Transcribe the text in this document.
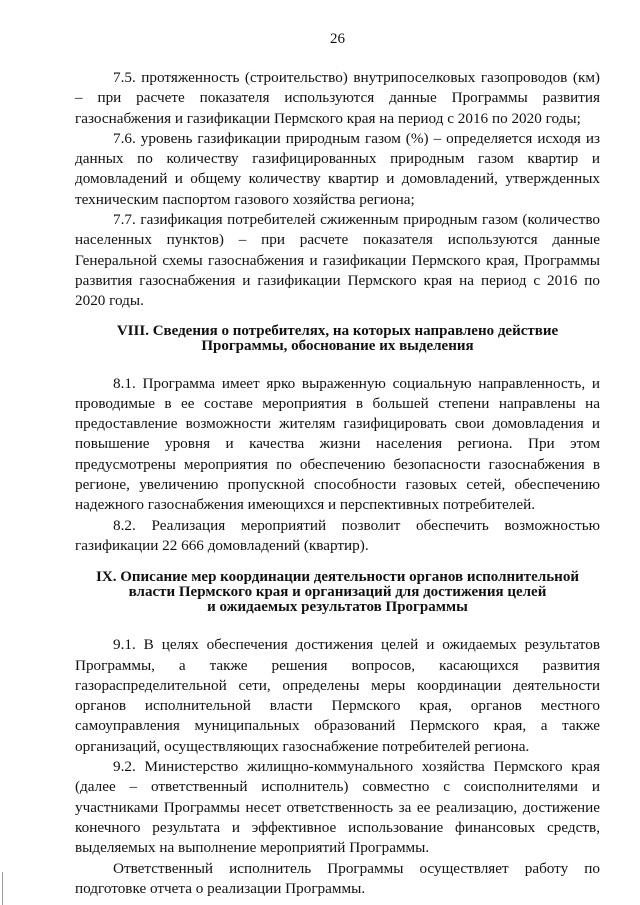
26

7.5. протяженность (строительство) внутрипоселковых газопроводов (км) – при расчете показателя используются данные Программы развития газоснабжения и газификации Пермского края на период с 2016 по 2020 годы;

7.6. уровень газификации природным газом (%) – определяется исходя из данных по количеству газифицированных природным газом квартир и домовладений и общему количеству квартир и домовладений, утвержденных техническим паспортом газового хозяйства региона;

7.7. газификация потребителей сжиженным природным газом (количество населенных пунктов) – при расчете показателя используются данные Генеральной схемы газоснабжения и газификации Пермского края, Программы развития газоснабжения и газификации Пермского края на период с 2016 по 2020 годы.

VIII. Сведения о потребителях, на которых направлено действие
Программы, обоснование их выделения

8.1. Программа имеет ярко выраженную социальную направленность, и проводимые в ее составе мероприятия в большей степени направлены на предоставление возможности жителям газифицировать свои домовладения и повышение уровня и качества жизни населения региона. При этом предусмотрены мероприятия по обеспечению безопасности газоснабжения в регионе, увеличению пропускной способности газовых сетей, обеспечению надежного газоснабжения имеющихся и перспективных потребителей.

8.2. Реализация мероприятий позволит обеспечить возможностью газификации 22 666 домовладений (квартир).

IX. Описание мер координации деятельности органов исполнительной
власти Пермского края и организаций для достижения целей
и ожидаемых результатов Программы

9.1. В целях обеспечения достижения целей и ожидаемых результатов Программы, а также решения вопросов, касающихся развития газораспределительной сети, определены меры координации деятельности органов исполнительной власти Пермского края, органов местного самоуправления муниципальных образований Пермского края, а также организаций, осуществляющих газоснабжение потребителей региона.

9.2. Министерство жилищно-коммунального хозяйства Пермского края (далее – ответственный исполнитель) совместно с соисполнителями и участниками Программы несет ответственность за ее реализацию, достижение конечного результата и эффективное использование финансовых средств, выделяемых на выполнение мероприятий Программы.

Ответственный исполнитель Программы осуществляет работу по подготовке отчета о реализации Программы.
